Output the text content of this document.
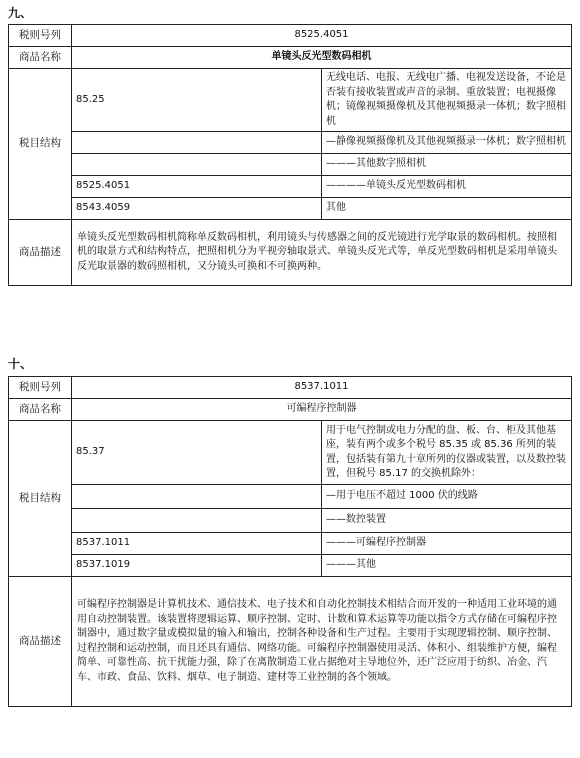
九、
税则号列	8525.4051	
商品名称	单镜头反光型数码相机	
税目结构	85.25	无线电话、电报、无线电广播、电视发送设备，不论是否装有接收装置或声音的录制、重放装置；电视摄像机；镜像视频摄像机及其他视频摄录一体机；数字照相机
		—静像视频摄像机及其他视频摄录一体机；数字照相机
		———其他数字照相机
	8525.4051	————单镜头反光型数码相机
	8543.4059	其他
商品描述	单镜头反光型数码相机简称单反数码相机，利用镜头与传感器之间的反光镜进行光学取景的数码相机。按照相机的取景方式和结构特点，把照相机分为平视旁轴取景式、单镜头反光式等，单反光型数码相机是采用单镜头反光取景器的数码照相机，又分镜头可换和不可换两种。	
十、
税则号列	8537.1011	
商品名称	可编程序控制器	
税目结构	85.37	用于电气控制或电力分配的盘、板、台、柜及其他基座，装有两个或多个税号 85.35 或 85.36 所列的装置，包括装有第九十章所列的仪器或装置，以及数控装置，但税号 85.17 的交换机除外：
		—用于电压不超过 1000 伏的线路
		——数控装置
	8537.1011	———可编程序控制器
	8537.1019	———其他
商品描述	可编程序控制器是计算机技术、通信技术、电子技术和自动化控制技术相结合而开发的一种适用工业环境的通用自动控制装置。该装置将逻辑运算、顺序控制、定时、计数和算术运算等功能以指令方式存储在可编程序控制器中，通过数字量或模拟量的输入和输出，控制各种设备和生产过程。主要用于实现逻辑控制、顺序控制、过程控制和运动控制，而且还具有通信、网络功能。可编程序控制器使用灵活、体积小、组装维护方便，编程简单、可靠性高、抗干扰能力强，除了在离散制造工业占据绝对主导地位外，还广泛应用于纺织、冶金、汽车、市政、食品、饮料、烟草、电子制造、建材等工业控制的各个领域。	
